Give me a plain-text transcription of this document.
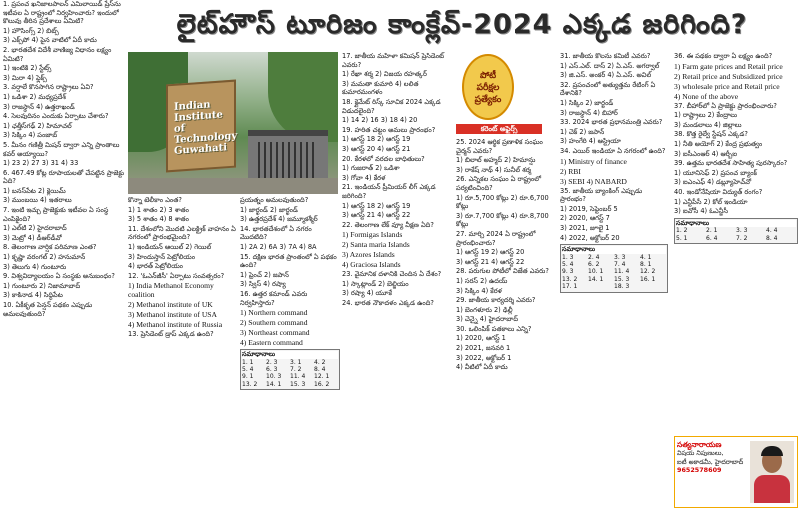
లైట్‌హౌస్ టూరిజం కాంక్లేవ్-2024 ఎక్కడ జరిగింది?

1. ప్రపంచ ఖనిజాలపాలన్ ఎమిలాయిడ్ ప్రేస్‌ను ఇటీవల ఏ రాష్ట్రంలో నిర్వహించారు? ఇందులో కొలువు తీరిన ప్రదేశాలు ఏమిటి?

1) హౌసింగ్స్ 2) బిట్స్

3) ఎక్స్‌పో 4) పైన వాటిలో ఏదీ కాదు

2. భారతదేశ విదేశీ వాణిజ్య విధానం లక్ష్యం ఏమిటి?

1) ఇంటికి 2) స్టేట్స్

3) మిరా 4) ఫ్లెక్స్

3. వర్షాలే కొనసాగిన రాష్ట్రాలు ఏవి?

1) ఒడిశా 2) మధ్యప్రదేశ్

3) రాజస్థాన్ 4) ఉత్తరాఖండ్

4. సెలవుదినం ఎందుకు ఏర్పాటు చేశారు?

1) ఛత్తీస్‌గఢ్ 2) హిమాచల్

3) సిక్కిం 4) పంజాబ్

5. మీనం గణిత్రీ మిషన్ ద్వారా ఎన్ని ప్రాంతాలు కవర్ అయ్యాయి?

1) 23 2) 27 3) 31 4) 33

6. 467.49 కోట్ల రూపాయలతో చేపట్టిన ప్రాజెక్టు ఏది?

1) బనస్‌పేట 2) క్లెయిమ్

3) ముంబయి 4) ఇతరాలు

7. ఇంటి ఇచ్చు ప్రాజెక్టుకు ఇటీవల ఏ సంస్థ ఎంపికైంది?

1) ఎల్‌టి 2) హైదరాబాద్

3) మెట్రో 4) డీఆర్‌డీవో

8. తెలంగాణ వార్షిక పరిమాణ ఎంత?

1) కృష్ణా వరంగల్ 2) హనుమాన్

3) తెలుగు 4) గుంటూరు

9. విశ్వవిద్యాలయం ఏ సంస్థకు అనుబంధం?

1) గుంటూరు 2) నిజామాబాద్

3) కాకినాడ 4) సిద్ధిపేట

10. ఏకీకృత పెన్షన్ పథకం ఎప్పుడు అమలవుతుంది?

Indian Institute of Technology Guwahati

కొన్నా టెలీకాం ఎంత?

1) 1 శాతం 2) 3 శాతం

3) 5 శాతం 4) 8 శాతం

11. దేశంలోని మొదటి ఎలక్ట్రిక్ వాహనం ఏ నగరంలో ప్రారంభమైంది?

1) ఇండియన్ ఆయిల్ 2) గెయిల్

3) హిందుస్తాన్ పెట్రోలియం

4) భారత్ పెట్రోలియం

12. 'ఓఎన్‌జీసీ' ఏర్పాటు సంవత్సరం?

1) India Methanol Economy coalition

2) Methanol institute of UK

3) Methanol institute of USA

4) Methanol institute of Russia

13. ప్రెసిడెంట్ డ్రాప్ ఎక్కడ ఉంది?

ప్రయత్నం అమలవుతుంది?

1) జార్ఖండ్ 2) జార్ఖండ్

3) ఉత్తరప్రదేశ్ 4) జమ్మూకశ్మీర్

14. భారతదేశంలో ఏ నగరం మొదటిది?

1) 2A 2) 6A 3) 7A 4) 8A

15. దక్షిణ భారత ప్రాంతంలో ఏ పథకం ఉంది?

1) ఫ్రెంచ్ 2) జపాన్

3) స్విస్ 4) రష్యా

16. ఉత్తర కమాండ్ ఎవరు నిర్వహిస్తారు?

1) Northern command

2) Southern command

3) Northeast command

4) Eastern command

సమాధానాలు
1. 1	2. 3	3. 1	4. 2
5. 4	6. 3	7. 2	8. 4
9. 1	10. 3	11. 4	12. 1
13. 2	14. 1	15. 3	16. 2

17. జాతీయ మహిళా కమిషన్ ప్రెసిడెంట్ ఎవరు?

1) రేఖా శర్మ 2) విజయ రహత్కర్

3) మమతా కుమారి 4) లలిత కుమారమంగళం

18. క్లైమేట్ రిస్క్ సూచిక 2024 ఎక్కడ విడుదలైంది?

1) 14 2) 16 3) 18 4) 20

19. హరిత చట్టం అమలు ప్రారంభం?

1) ఆగస్ట్ 18 2) ఆగస్ట్ 19

3) ఆగస్ట్ 20 4) ఆగస్ట్ 21

20. కేరళలో వరదల బాధితులు?

1) గుజరాత్ 2) ఒడిశా

3) గోవా 4) కేరళ

21. ఇండియన్ ప్రీమియర్ లీగ్ ఎక్కడ జరిగింది?

1) ఆగస్ట్ 18 2) ఆగస్ట్ 19

3) ఆగస్ట్ 21 4) ఆగస్ట్ 22

22. తెలంగాణ లేక్ వ్యూ వీక్షణ ఏది?

1) Formigas Islands

2) Santa maria Islands

3) Azores Islands

4) Graciosa Islands

23. వైమానిక దళానికి చెందిన ఏ దేశం?

1) స్కాట్లాండ్ 2) బెల్జియం

3) రష్యా 4) యూకే

24. భారత నౌకాదళం ఎక్కడ ఉంది?

పోటీ
పరీక్షల
ప్రత్యేకం
కరెంట్ అఫైర్స్

25. 2024 ఆర్థిక ప్రణాళిక సంఘం చైర్మన్ ఎవరు?

1) బిలాల్ అహ్మద్ 2) హిమాన్షు

3) రాకేష్ నాథ్ 4) సునీల్ శర్మ

26. ఎన్నికల సంఘం ఏ రాష్ట్రంలో పర్యటించింది?

1) రూ.5,700 కోట్లు 2) రూ.6,700 కోట్లు

3) రూ.7,700 కోట్లు 4) రూ.8,700 కోట్లు

27. మార్చి 2024 ఏ రాష్ట్రంలో ప్రారంభించారు?

1) ఆగస్ట్ 19 2) ఆగస్ట్ 20

3) ఆగస్ట్ 21 4) ఆగస్ట్ 22

28. పరుగుల పోటీలో విజేత ఎవరు?

1) సరస్ 2) ఉదయ్

3) సిక్కిం 4) కేరళ

29. జాతీయ కార్యదర్శి ఎవరు?

1) బెంగళూరు 2) ఢిల్లీ

3) చెన్నై 4) హైదరాబాద్

30. ఒలింపిక్ పతకాలు ఎన్ని?

1) 2020, ఆగస్ట్ 1

2) 2021, జనవరి 1

3) 2022, అక్టోబర్ 1

4) వీటిలో ఏదీ కాదు

31. జాతీయ కొలను కమిటీ ఎవరు?

1) ఎస్.ఎల్. దాస్ 2) ఏ.ఎస్. అగర్వాల్

3) జి.ఎస్. అంకర్ 4) ఏ.ఎస్. అవిల్

32. ప్రపంచంలో అత్యుత్తమ రేటింగ్ ఏ దేశానికి?

1) సిక్కిం 2) జార్ఖండ్

3) రాజస్థాన్ 4) బిహార్

33. 2024 భారత ప్రధానమంత్రి ఎవరు?

1) చెక్ 2) జపాన్

3) హంగేరి 4) ఆస్ట్రియా

34. ఎయిర్ ఇండియా ఏ నగరంలో ఉంది?

1) Ministry of finance

2) RBI

3) SEBI 4) NABARD

35. జాతీయ బ్యాంకింగ్ ఎప్పుడు ప్రారంభం?

1) 2019, సెప్టెంబర్ 5

2) 2020, ఆగస్ట్ 7

3) 2021, జూలై 1

4) 2022, అక్టోబర్ 20

సమాధానాలు
1. 3	2. 4	3. 3	4. 1
5. 4	6. 2	7. 4	8. 1
9. 3	10. 1	11. 4	12. 2
13. 2	14. 1	15. 3	16. 1
17. 1	18. 3

36. ఈ పథకం ద్వారా ఏ లక్ష్యం ఉంది?

1) Farm gate prices and Retail price

2) Retail price and Subsidized price

3) wholesale price and Retail price

4) None of the above

37. బీహార్‌లో ఏ ప్రాజెక్టు ప్రారంభించారు?

1) రాష్ట్రాలు 2) కేంద్రాలు

3) మండలాలు 4) జిల్లాలు

38. కొత్త రైల్వే స్టేషన్ ఎక్కడ?

1) నీతి అయోగ్ 2) కేంద్ర ప్రభుత్వం

3) ఐసీఎంఆర్ 4) ఆర్బీఐ

39. ఉత్తమ భారతదేశ సాహిత్య పురస్కారం?

1) యూనిసెఫ్ 2) ప్రపంచ బ్యాంక్

3) ఐఎంఎఫ్ 4) డబ్ల్యూహెచ్‌వో

40. ఇండోనేషియా విద్యుత్ రంగం?

1) ఎన్టీపీసీ 2) కోల్ ఇండియా

3) ఐవోసీ 4) ఓఎన్జీసీ

సమాధానాలు
1. 2	2. 1	3. 3	4. 4
5. 1	6. 4	7. 2	8. 4
సత్యనారాయణ
విషయ నిపుణులు,
ఐటీ అకాడమీ, హైదరాబాద్
9652578609
